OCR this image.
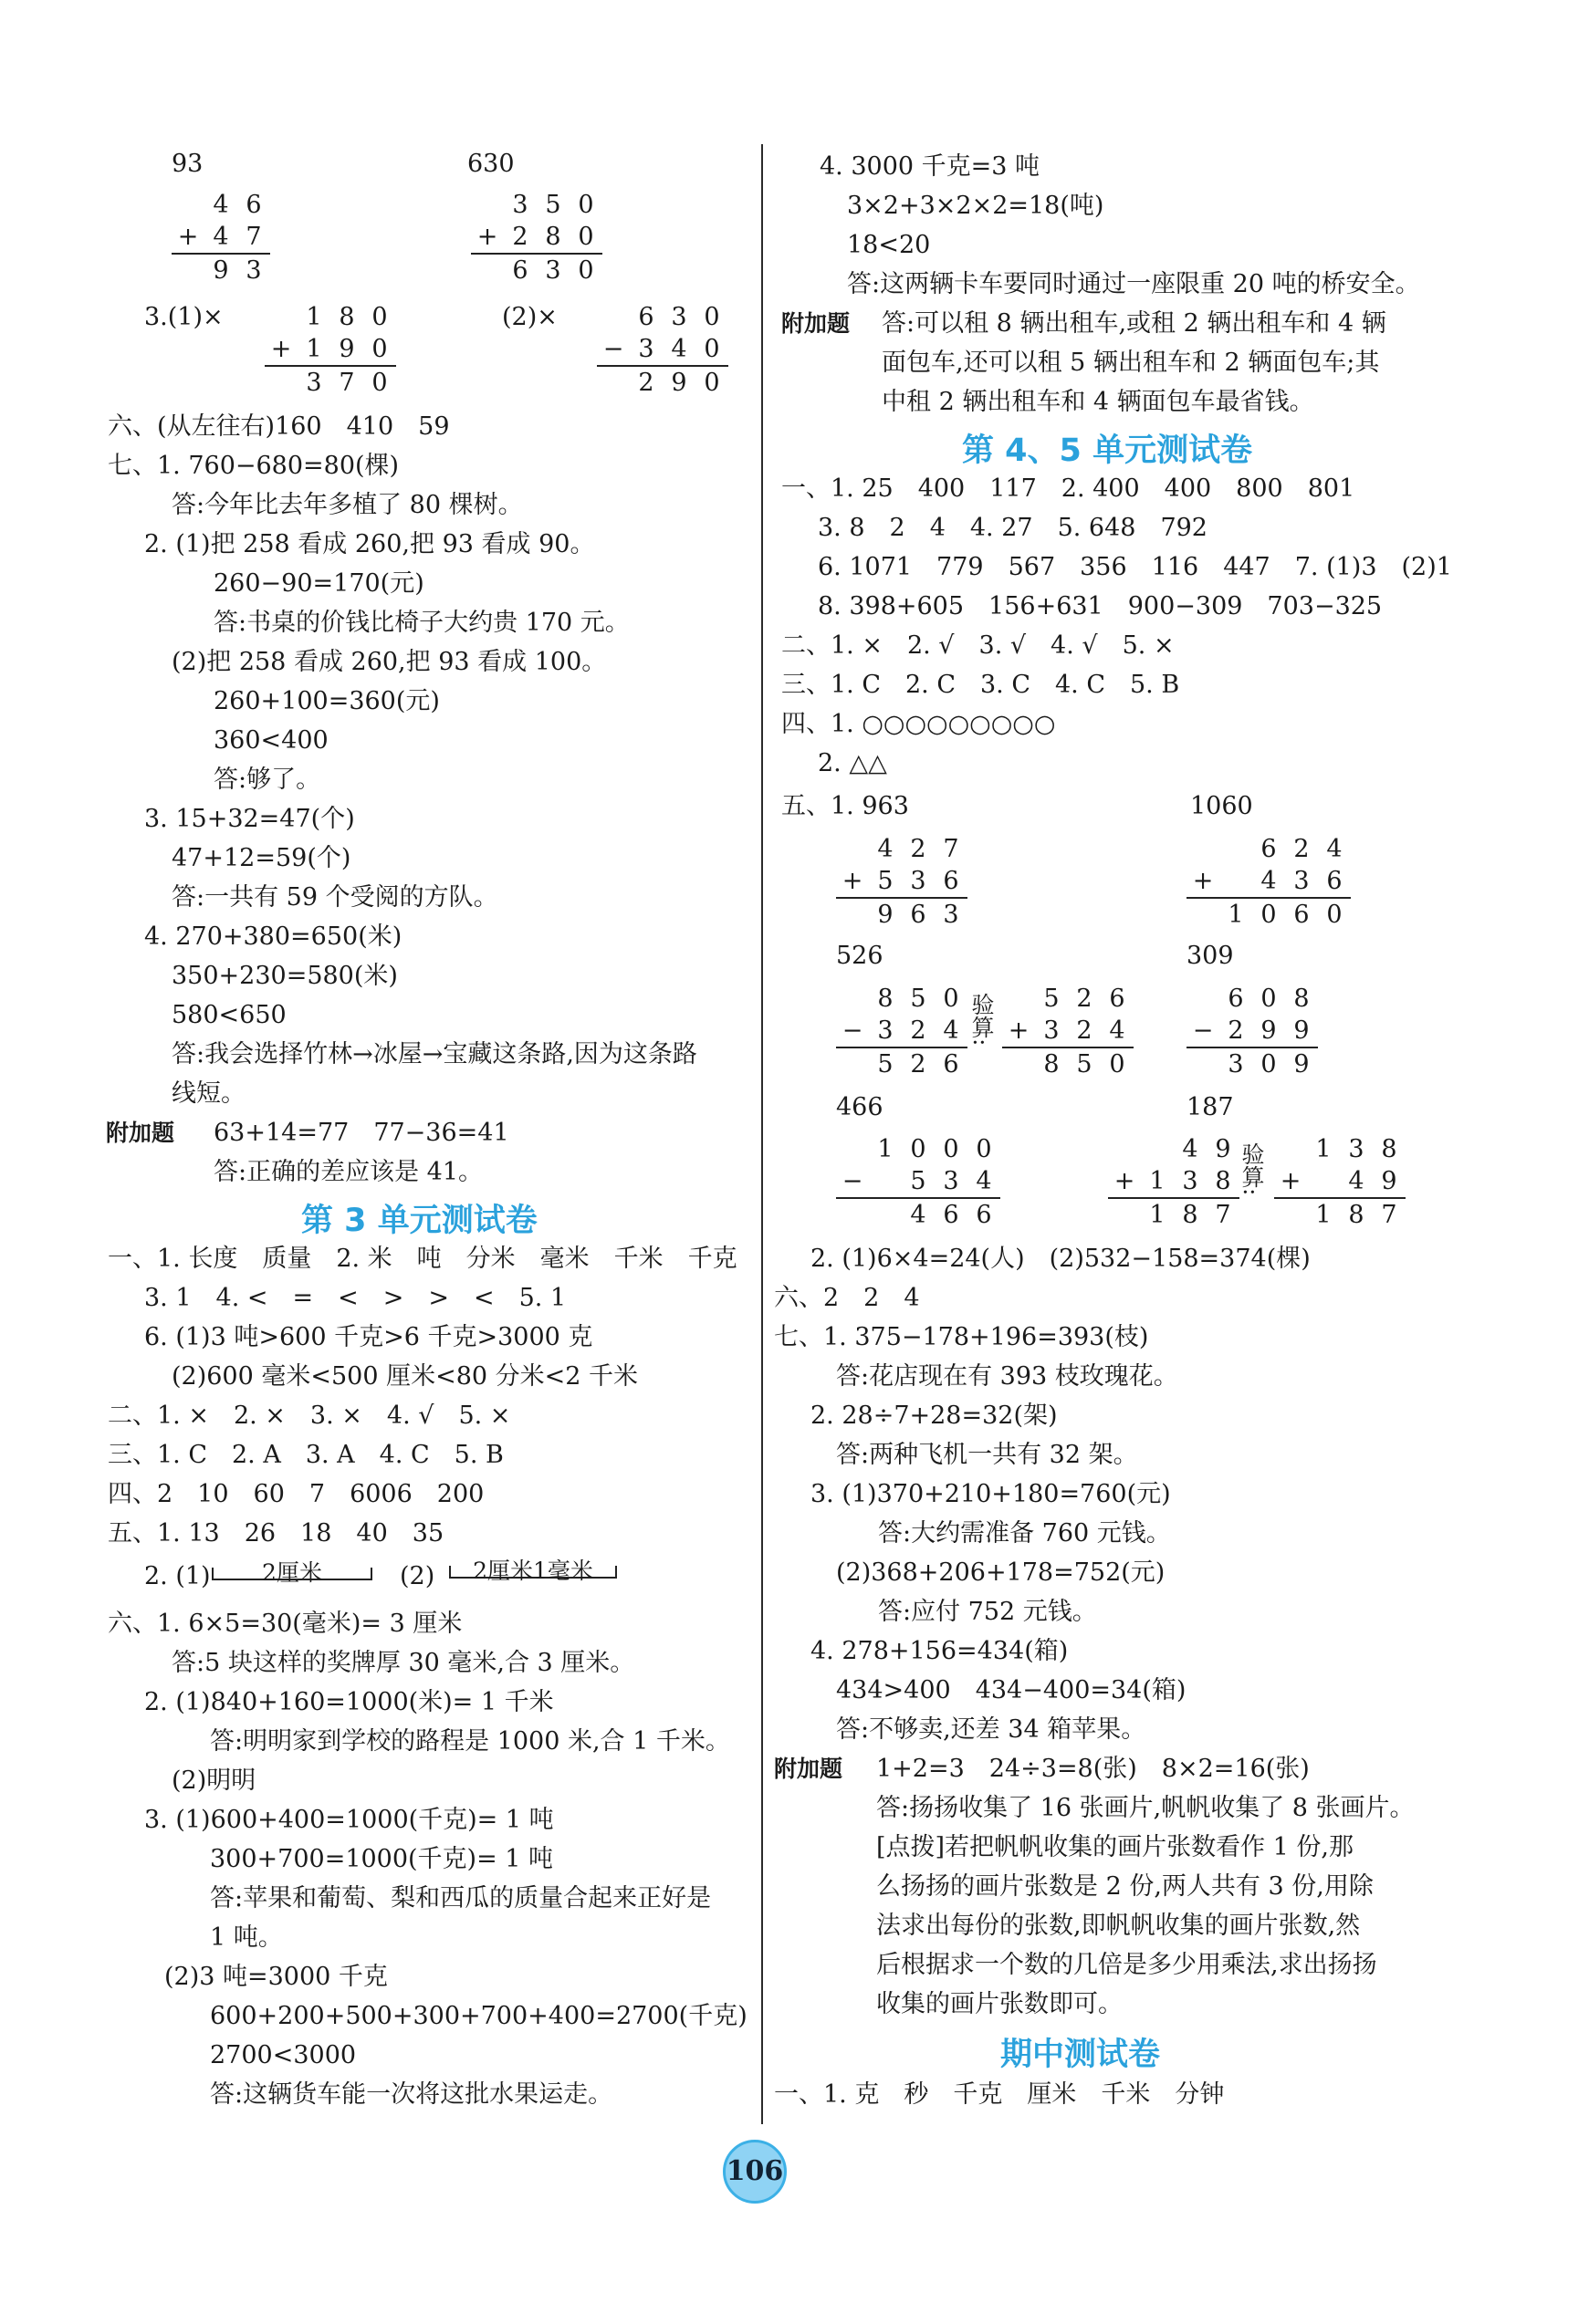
93	630
4 6
+ 4 7
9 3
3 5 0
+ 2 8 0
6 3 0
3.(1)×	1 8 0
+ 1 9 0
3 7 0
(2)×	6 3 0
− 3 4 0
2 9 0
六、(从左往右)160　410　59
七、1. 760−680=80(棵)
答:今年比去年多植了 80 棵树。
2. (1)把 258 看成 260,把 93 看成 90。
260−90=170(元)
答:书桌的价钱比椅子大约贵 170 元。
(2)把 258 看成 260,把 93 看成 100。
260+100=360(元)
360<400
答:够了。
3. 15+32=47(个)
47+12=59(个)
答:一共有 59 个受阅的方队。
4. 270+380=650(米)
350+230=580(米)
580<650
答:我会选择竹林→冰屋→宝藏这条路,因为这条路
线短。
附加题 63+14=77　77−36=41
答:正确的差应该是 41。
第 3 单元测试卷
一、1. 长度　质量　2. 米　吨　分米　毫米　千米　千克
3. 1　4. <　=　<　>　>　<　5. 1
6. (1)3 吨>600 千克>6 千克>3000 克
(2)600 毫米<500 厘米<80 分米<2 千米
二、1. ×　2. ×　3. ×　4. √　5. ×
三、1. C　2. A　3. A　4. C　5. B
四、2　10　60　7　6006　200
五、1. 13　26　18　40　35
2. (1)	2厘米	(2)	2厘米1毫米
六、1. 6×5=30(毫米)= 3 厘米
答:5 块这样的奖牌厚 30 毫米,合 3 厘米。
2. (1)840+160=1000(米)= 1 千米
答:明明家到学校的路程是 1000 米,合 1 千米。
(2)明明
3. (1)600+400=1000(千克)= 1 吨
300+700=1000(千克)= 1 吨
答:苹果和葡萄、梨和西瓜的质量合起来正好是
1 吨。
(2)3 吨=3000 千克
600+200+500+300+700+400=2700(千克)
2700<3000
答:这辆货车能一次将这批水果运走。
4. 3000 千克=3 吨
3×2+3×2×2=18(吨)
18<20
答:这两辆卡车要同时通过一座限重 20 吨的桥安全。
附加题 答:可以租 8 辆出租车,或租 2 辆出租车和 4 辆
面包车,还可以租 5 辆出租车和 2 辆面包车;其
中租 2 辆出租车和 4 辆面包车最省钱。
第 4、5 单元测试卷
一、1. 25　400　117　2. 400　400　800　801
3. 8　2　4　4. 27　5. 648　792
6. 1071　779　567　356　116　447　7. (1)3　(2)1
8. 398+605　156+631　900−309　703−325
二、1. ×　2. √　3. √　4. √　5. ×
三、1. C　2. C　3. C　4. C　5. B
四、1. ○○○○○○○○○
2. △△
五、1. 963	1060
4 2 7
+ 5 3 6
9 6 3
6 2 4
+	4 3 6
1 0 6 0
526	309
8 5 0
− 3 2 4
5 2 6
验算:	5 2 6
+ 3 2 4
8 5 0
6 0 8
− 2 9 9
3 0 9
466	187
1 0 0 0
−	5 3 4
4 6 6
4 9
+ 1 3 8
1 8 7
验算:	1 3 8
+	4 9
1 8 7
2. (1)6×4=24(人)　(2)532−158=374(棵)
六、2　2　4
七、1. 375−178+196=393(枝)
答:花店现在有 393 枝玫瑰花。
2. 28÷7+28=32(架)
答:两种飞机一共有 32 架。
3. (1)370+210+180=760(元)
答:大约需准备 760 元钱。
(2)368+206+178=752(元)
答:应付 752 元钱。
4. 278+156=434(箱)
434>400　434−400=34(箱)
答:不够卖,还差 34 箱苹果。
附加题 1+2=3　24÷3=8(张)　8×2=16(张)
答:扬扬收集了 16 张画片,帆帆收集了 8 张画片。
[点拨]若把帆帆收集的画片张数看作 1 份,那
么扬扬的画片张数是 2 份,两人共有 3 份,用除
法求出每份的张数,即帆帆收集的画片张数,然
后根据求一个数的几倍是多少用乘法,求出扬扬
收集的画片张数即可。
期中测试卷
一、1. 克　秒　千克　厘米　千米　分钟
106
